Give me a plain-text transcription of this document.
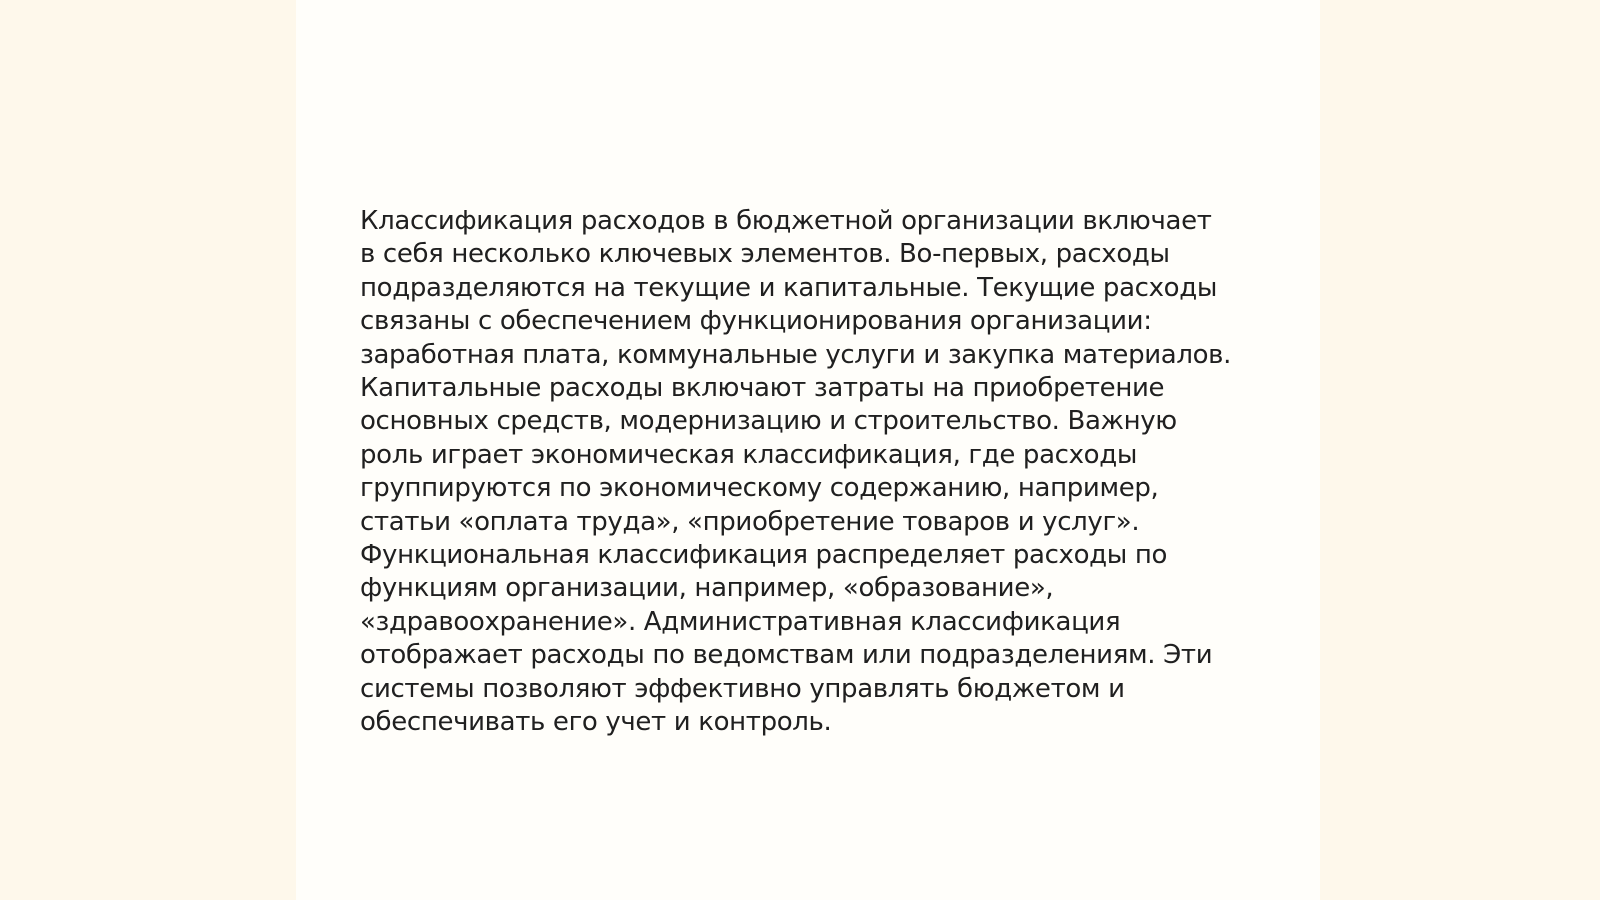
Классификация расходов в бюджетной организации включает
в себя несколько ключевых элементов. Во-первых, расходы
подразделяются на текущие и капитальные. Текущие расходы
связаны с обеспечением функционирования организации:
заработная плата, коммунальные услуги и закупка материалов.
Капитальные расходы включают затраты на приобретение
основных средств, модернизацию и строительство. Важную
роль играет экономическая классификация, где расходы
группируются по экономическому содержанию, например,
статьи «оплата труда», «приобретение товаров и услуг».
Функциональная классификация распределяет расходы по
функциям организации, например, «образование»,
«здравоохранение». Административная классификация
отображает расходы по ведомствам или подразделениям. Эти
системы позволяют эффективно управлять бюджетом и
обеспечивать его учет и контроль.
